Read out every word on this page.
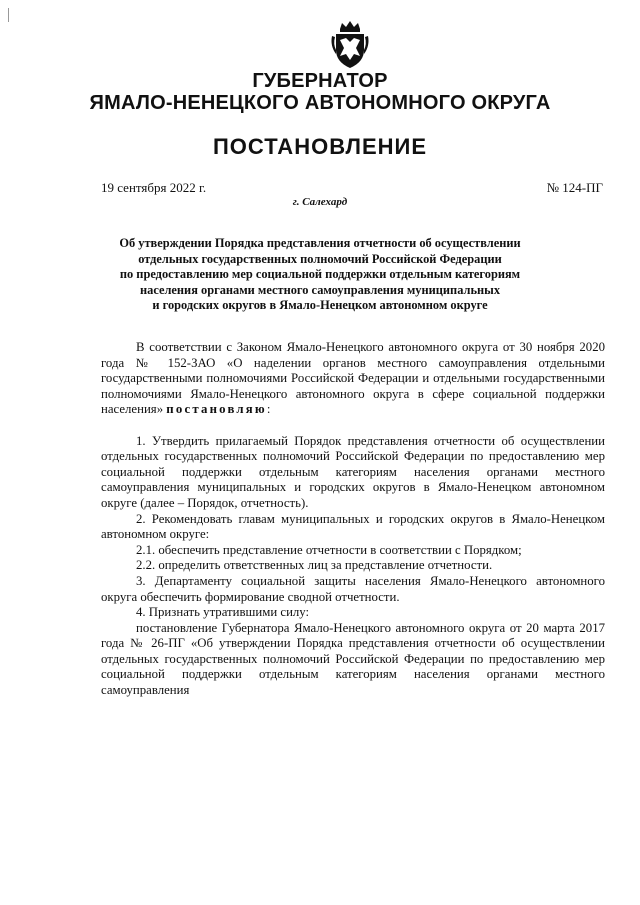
ГУБЕРНАТОР
ЯМАЛО-НЕНЕЦКОГО АВТОНОМНОГО ОКРУГА
ПОСТАНОВЛЕНИЕ
19 сентября 2022 г.	№ 124-ПГ
г. Салехард
Об утверждении Порядка представления отчетности об осуществлении
отдельных государственных полномочий Российской Федерации
по предоставлению мер социальной поддержки отдельным категориям
населения органами местного самоуправления муниципальных
и городских округов в Ямало-Ненецком автономном округе

В соответствии с Законом Ямало-Ненецкого автономного округа от 30 ноября 2020 года № 152-ЗАО «О наделении органов местного самоуправления отдельными государственными полномочиями Российской Федерации и отдельными государственными полномочиями Ямало-Ненецкого автономного округа в сфере социальной поддержки населения» постановляю:

1. Утвердить прилагаемый Порядок представления отчетности об осуществлении отдельных государственных полномочий Российской Федерации по предоставлению мер социальной поддержки отдельным категориям населения органами местного самоуправления муниципальных и городских округов в Ямало-Ненецком автономном округе (далее – Порядок, отчетность).

2. Рекомендовать главам муниципальных и городских округов в Ямало-Ненецком автономном округе:

2.1. обеспечить представление отчетности в соответствии с Порядком;

2.2. определить ответственных лиц за представление отчетности.

3. Департаменту социальной защиты населения Ямало-Ненецкого автономного округа обеспечить формирование сводной отчетности.

4. Признать утратившими силу:

постановление Губернатора Ямало-Ненецкого автономного округа от 20 марта 2017 года № 26-ПГ «Об утверждении Порядка представления отчетности об осуществлении отдельных государственных полномочий Российской Федерации по предоставлению мер социальной поддержки отдельным категориям населения органами местного самоуправления
